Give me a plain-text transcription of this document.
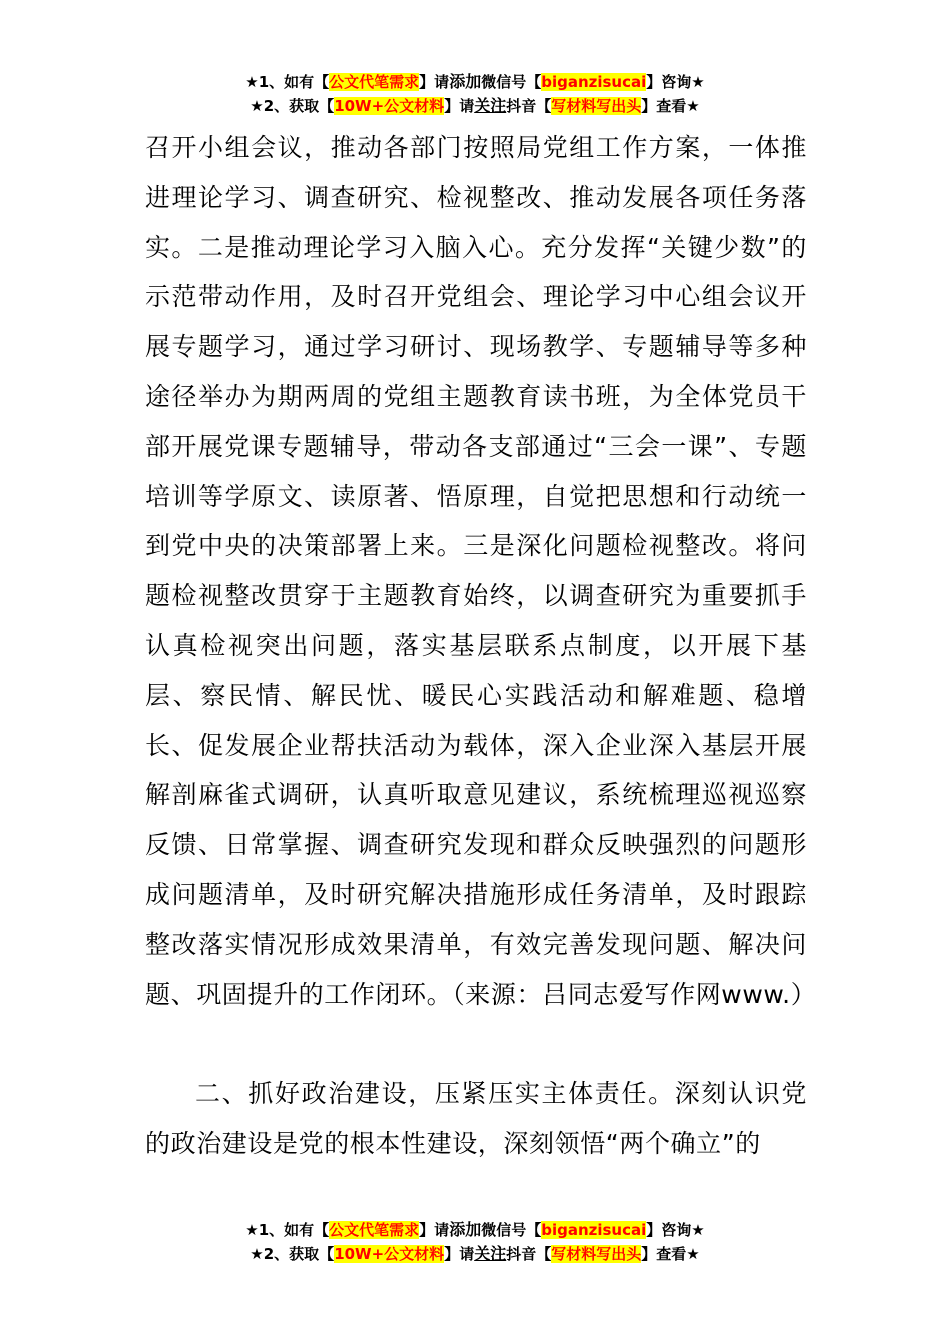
★1、如有【公文代笔需求】请添加微信号【biganzisucai】咨询★
★2、获取【10W+公文材料】请关注抖音【写材料写出头】查看★

召开小组会议，推动各部门按照局党组工作方案，一体推进理论学习、调查研究、检视整改、推动发展各项任务落实。二是推动理论学习入脑入心。充分发挥“关键少数”的示范带动作用，及时召开党组会、理论学习中心组会议开展专题学习，通过学习研讨、现场教学、专题辅导等多种途径举办为期两周的党组主题教育读书班，为全体党员干部开展党课专题辅导，带动各支部通过“三会一课”、专题培训等学原文、读原著、悟原理，自觉把思想和行动统一到党中央的决策部署上来。三是深化问题检视整改。将问题检视整改贯穿于主题教育始终，以调查研究为重要抓手认真检视突出问题，落实基层联系点制度，以开展下基层、察民情、解民忧、暖民心实践活动和解难题、稳增长、促发展企业帮扶活动为载体，深入企业深入基层开展解剖麻雀式调研，认真听取意见建议，系统梳理巡视巡察反馈、日常掌握、调查研究发现和群众反映强烈的问题形成问题清单，及时研究解决措施形成任务清单，及时跟踪整改落实情况形成效果清单，有效完善发现问题、解决问题、巩固提升的工作闭环。（来源：吕同志爱写作网www.）

二、抓好政治建设，压紧压实主体责任。深刻认识党的政治建设是党的根本性建设，深刻领悟“两个确立”的

★1、如有【公文代笔需求】请添加微信号【biganzisucai】咨询★
★2、获取【10W+公文材料】请关注抖音【写材料写出头】查看★
